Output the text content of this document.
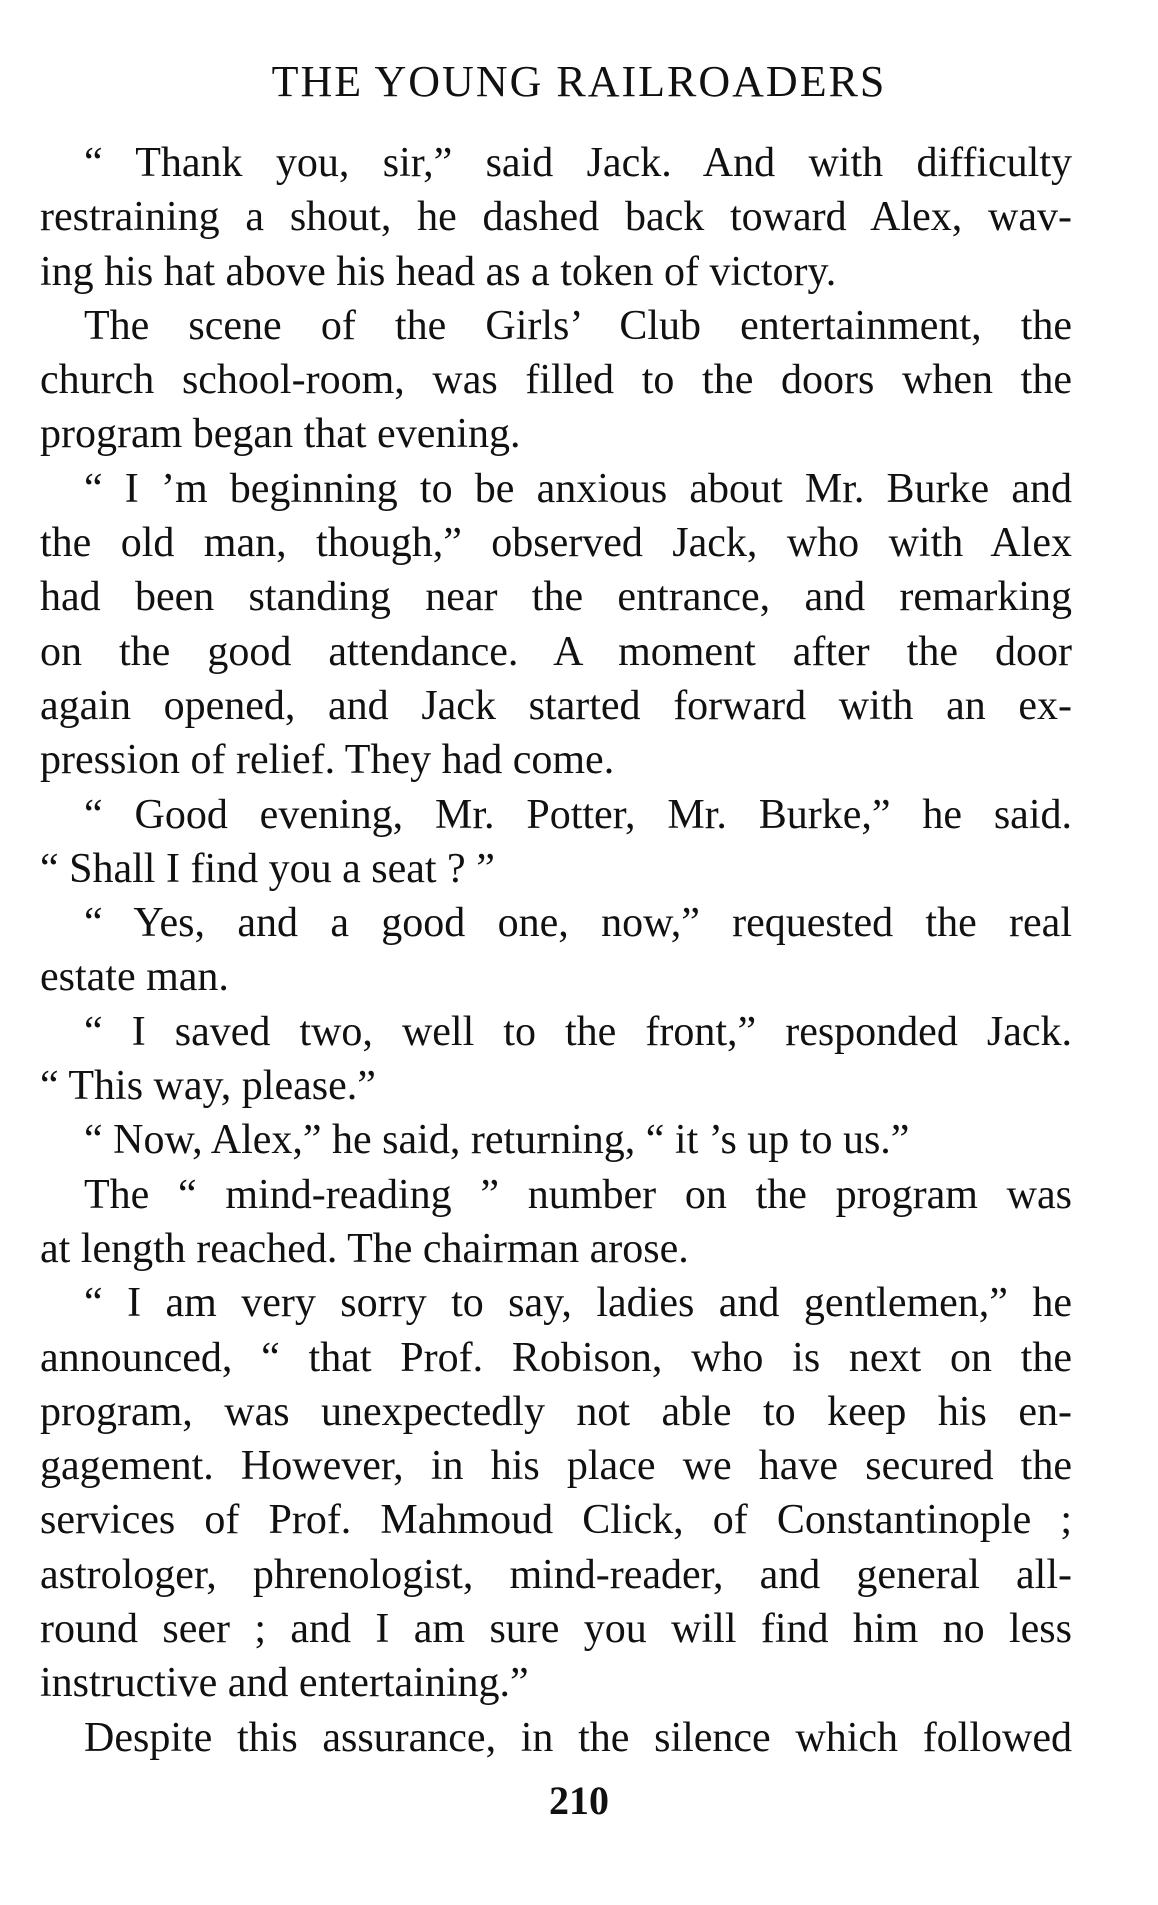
THE YOUNG RAILROADERS
“ Thank you, sir,” said Jack. And with difficulty
restraining a shout, he dashed back toward Alex, wav-
ing his hat above his head as a token of victory.
The scene of the Girls’ Club entertainment, the
church school-room, was filled to the doors when the
program began that evening.
“ I ’m beginning to be anxious about Mr. Burke and
the old man, though,” observed Jack, who with Alex
had been standing near the entrance, and remarking
on the good attendance. A moment after the door
again opened, and Jack started forward with an ex-
pression of relief. They had come.
“ Good evening, Mr. Potter, Mr. Burke,” he said.
“ Shall I find you a seat ? ”
“ Yes, and a good one, now,” requested the real
estate man.
“ I saved two, well to the front,” responded Jack.
“ This way, please.”
“ Now, Alex,” he said, returning, “ it ’s up to us.”
The “ mind-reading ” number on the program was
at length reached. The chairman arose.
“ I am very sorry to say, ladies and gentlemen,” he
announced, “ that Prof. Robison, who is next on the
program, was unexpectedly not able to keep his en-
gagement. However, in his place we have secured the
services of Prof. Mahmoud Click, of Constantinople ;
astrologer, phrenologist, mind-reader, and general all-
round seer ; and I am sure you will find him no less
instructive and entertaining.”
Despite this assurance, in the silence which followed
210
